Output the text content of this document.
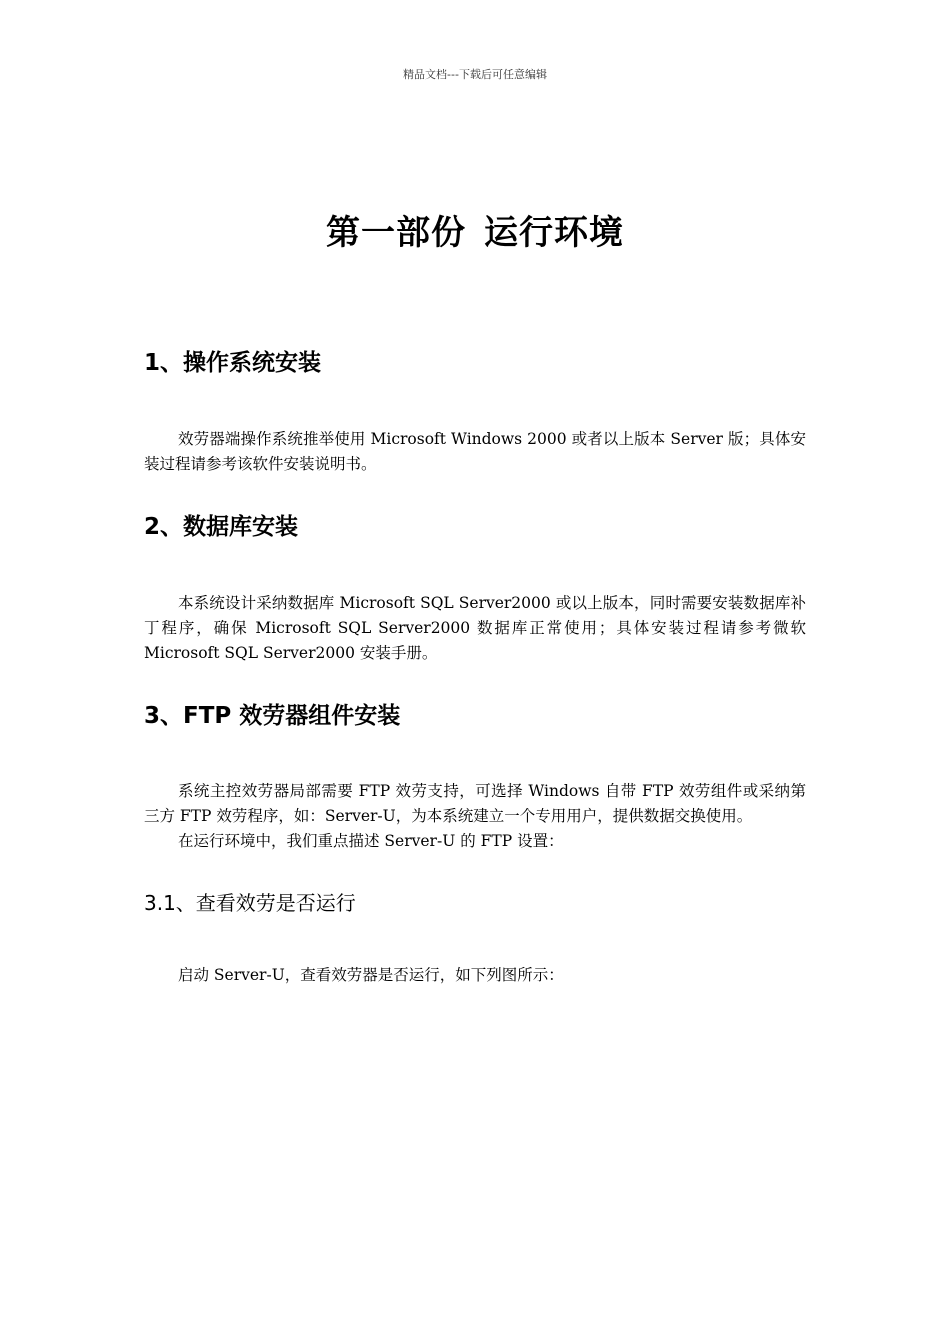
精品文档---下载后可任意编辑
第一部份 运行环境
1、操作系统安装

效劳器端操作系统推举使用 Microsoft Windows 2000 或者以上版本 Server 版；具体安装过程请参考该软件安装说明书。

2、数据库安装

本系统设计采纳数据库 Microsoft SQL Server2000 或以上版本，同时需要安装数据库补丁程序，确保 Microsoft SQL Server2000 数据库正常使用；具体安装过程请参考微软 Microsoft SQL Server2000 安装手册。

3、FTP 效劳器组件安装

系统主控效劳器局部需要 FTP 效劳支持，可选择 Windows 自带 FTP 效劳组件或采纳第三方 FTP 效劳程序，如：Server-U，为本系统建立一个专用用户，提供数据交换使用。

在运行环境中，我们重点描述 Server-U 的 FTP 设置：

3.1、查看效劳是否运行

启动 Server-U，查看效劳器是否运行，如下列图所示：
